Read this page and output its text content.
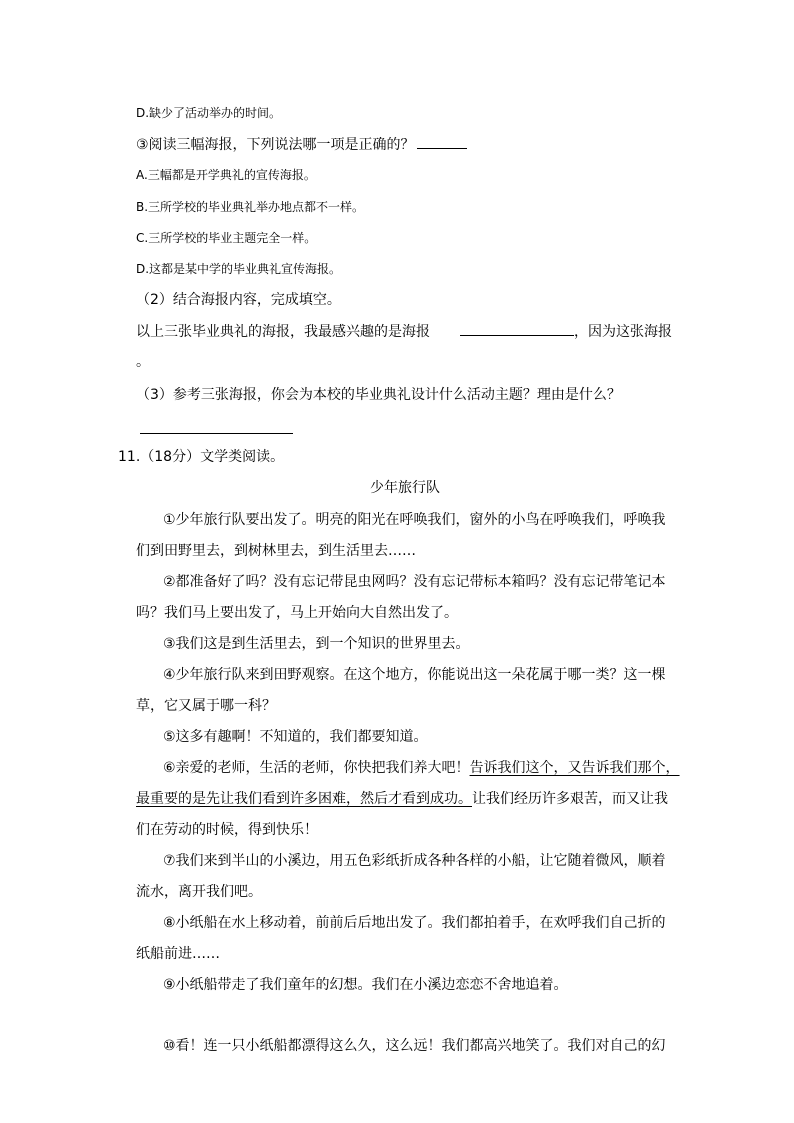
D.缺少了活动举办的时间。
③阅读三幅海报，下列说法哪一项是正确的？
A.三幅都是开学典礼的宣传海报。
B.三所学校的毕业典礼举办地点都不一样。
C.三所学校的毕业主题完全一样。
D.这都是某中学的毕业典礼宣传海报。
（2）结合海报内容，完成填空。
以上三张毕业典礼的海报，我最感兴趣的是海报	，因为这张海报
。
（3）参考三张海报，你会为本校的毕业典礼设计什么活动主题？理由是什么？
11.（18分）文学类阅读。
少年旅行队
①少年旅行队要出发了。明亮的阳光在呼唤我们，窗外的小鸟在呼唤我们，呼唤我
们到田野里去，到树林里去，到生活里去……
②都准备好了吗？没有忘记带昆虫网吗？没有忘记带标本箱吗？没有忘记带笔记本
吗？我们马上要出发了，马上开始向大自然出发了。
③我们这是到生活里去，到一个知识的世界里去。
④少年旅行队来到田野观察。在这个地方，你能说出这一朵花属于哪一类？这一棵
草，它又属于哪一科？
⑤这多有趣啊！不知道的，我们都要知道。
⑥亲爱的老师，生活的老师，你快把我们养大吧！告诉我们这个，又告诉我们那个，
最重要的是先让我们看到许多困难，然后才看到成功。让我们经历许多艰苦，而又让我
们在劳动的时候，得到快乐！
⑦我们来到半山的小溪边，用五色彩纸折成各种各样的小船，让它随着微风，顺着
流水，离开我们吧。
⑧小纸船在水上移动着，前前后后地出发了。我们都拍着手，在欢呼我们自己折的
纸船前进……
⑨小纸船带走了我们童年的幻想。我们在小溪边恋恋不舍地追着。
⑩看！连一只小纸船都漂得这么久，这么远！我们都高兴地笑了。我们对自己的幻
